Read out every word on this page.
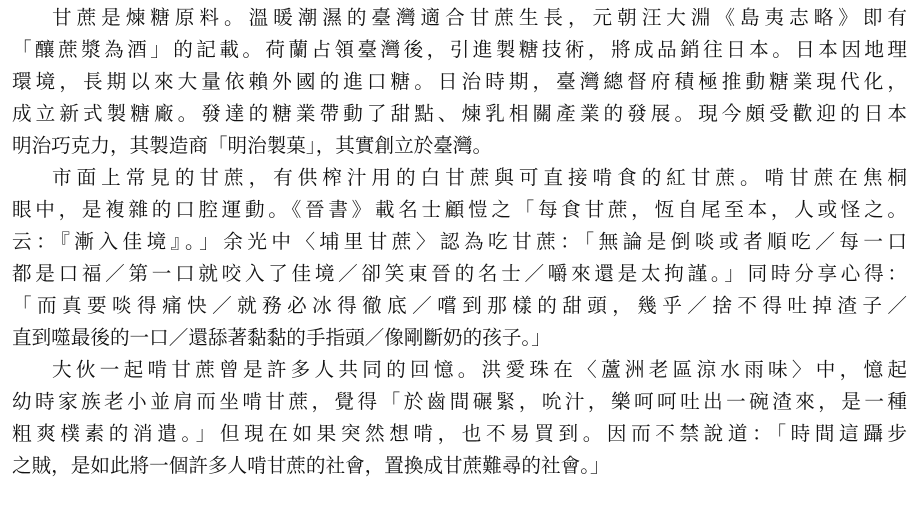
甘蔗是煉糖原料。溫暖潮濕的臺灣適合甘蔗生長，元朝汪大淵《島夷志略》即有
「釀蔗漿為酒」的記載。荷蘭占領臺灣後，引進製糖技術，將成品銷往日本。日本因地理
環境，長期以來大量依賴外國的進口糖。日治時期，臺灣總督府積極推動糖業現代化，
成立新式製糖廠。發達的糖業帶動了甜點、煉乳相關產業的發展。現今頗受歡迎的日本
明治巧克力，其製造商「明治製菓」，其實創立於臺灣。
市面上常見的甘蔗，有供榨汁用的白甘蔗與可直接啃食的紅甘蔗。啃甘蔗在焦桐
眼中，是複雜的口腔運動。《晉書》載名士顧愷之「每食甘蔗，恆自尾至本，人或怪之。
云：『漸入佳境』。」余光中〈埔里甘蔗〉認為吃甘蔗：「無論是倒啖或者順吃／每一口
都是口福／第一口就咬入了佳境／卻笑東晉的名士／嚼來還是太拘謹。」同時分享心得：
「而真要啖得痛快／就務必冰得徹底／嚐到那樣的甜頭，幾乎／捨不得吐掉渣子／
直到噬最後的一口／還舔著黏黏的手指頭／像剛斷奶的孩子。」
大伙一起啃甘蔗曾是許多人共同的回憶。洪愛珠在〈蘆洲老區涼水雨味〉中，憶起
幼時家族老小並肩而坐啃甘蔗，覺得「於齒間碾緊，吮汁，樂呵呵吐出一碗渣來，是一種
粗爽樸素的消遣。」但現在如果突然想啃，也不易買到。因而不禁說道：「時間這躡步
之賊，是如此將一個許多人啃甘蔗的社會，置換成甘蔗難尋的社會。」
